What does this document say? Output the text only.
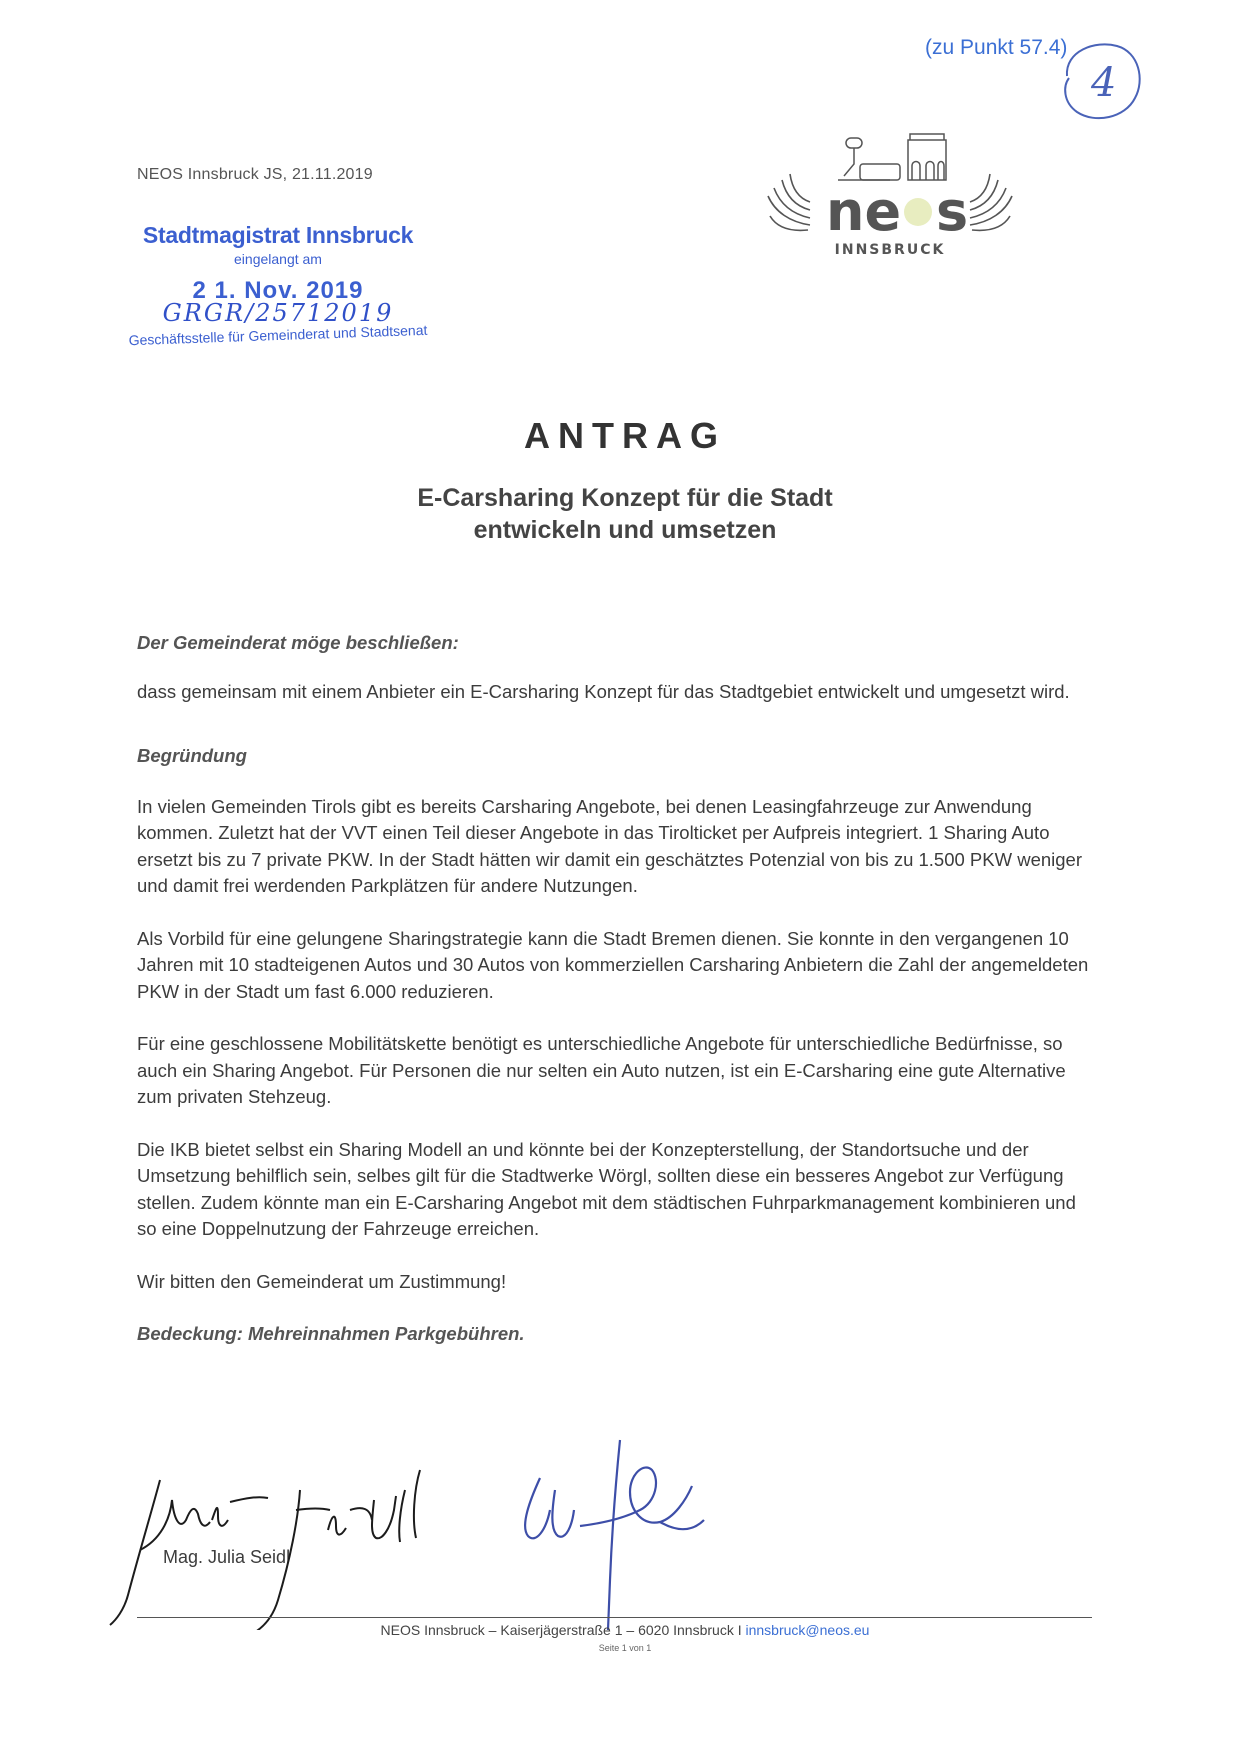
(zu Punkt 57.4)
4
NEOS Innsbruck JS, 21.11.2019
Stadtmagistrat Innsbruck
eingelangt am
2 1. Nov. 2019
GRGR/25712019
Geschäftsstelle für Gemeinderat und Stadtsenat
ne s
INNSBRUCK
ANTRAG
E-Carsharing Konzept für die Stadt
entwickeln und umsetzen

Der Gemeinderat möge beschließen:

dass gemeinsam mit einem Anbieter ein E-Carsharing Konzept für das Stadtgebiet entwickelt und umgesetzt wird.

Begründung

In vielen Gemeinden Tirols gibt es bereits Carsharing Angebote, bei denen Leasingfahrzeuge zur Anwendung kommen. Zuletzt hat der VVT einen Teil dieser Angebote in das Tirolticket per Aufpreis integriert. 1 Sharing Auto ersetzt bis zu 7 private PKW. In der Stadt hätten wir damit ein geschätztes Potenzial von bis zu 1.500 PKW weniger und damit frei werdenden Parkplätzen für andere Nutzungen.

Als Vorbild für eine gelungene Sharingstrategie kann die Stadt Bremen dienen. Sie konnte in den vergangenen 10 Jahren mit 10 stadteigenen Autos und 30 Autos von kommerziellen Carsharing Anbietern die Zahl der angemeldeten PKW in der Stadt um fast 6.000 reduzieren.

Für eine geschlossene Mobilitätskette benötigt es unterschiedliche Angebote für unterschiedliche Bedürfnisse, so auch ein Sharing Angebot. Für Personen die nur selten ein Auto nutzen, ist ein E-Carsharing eine gute Alternative zum privaten Stehzeug.

Die IKB bietet selbst ein Sharing Modell an und könnte bei der Konzepterstellung, der Standortsuche und der Umsetzung behilflich sein, selbes gilt für die Stadtwerke Wörgl, sollten diese ein besseres Angebot zur Verfügung stellen. Zudem könnte man ein E-Carsharing Angebot mit dem städtischen Fuhrparkmanagement kombinieren und so eine Doppelnutzung der Fahrzeuge erreichen.

Wir bitten den Gemeinderat um Zustimmung!

Bedeckung: Mehreinnahmen Parkgebühren.

Mag. Julia Seidl
NEOS Innsbruck – Kaiserjägerstraße 1 – 6020 Innsbruck I innsbruck@neos.eu
Seite 1 von 1
